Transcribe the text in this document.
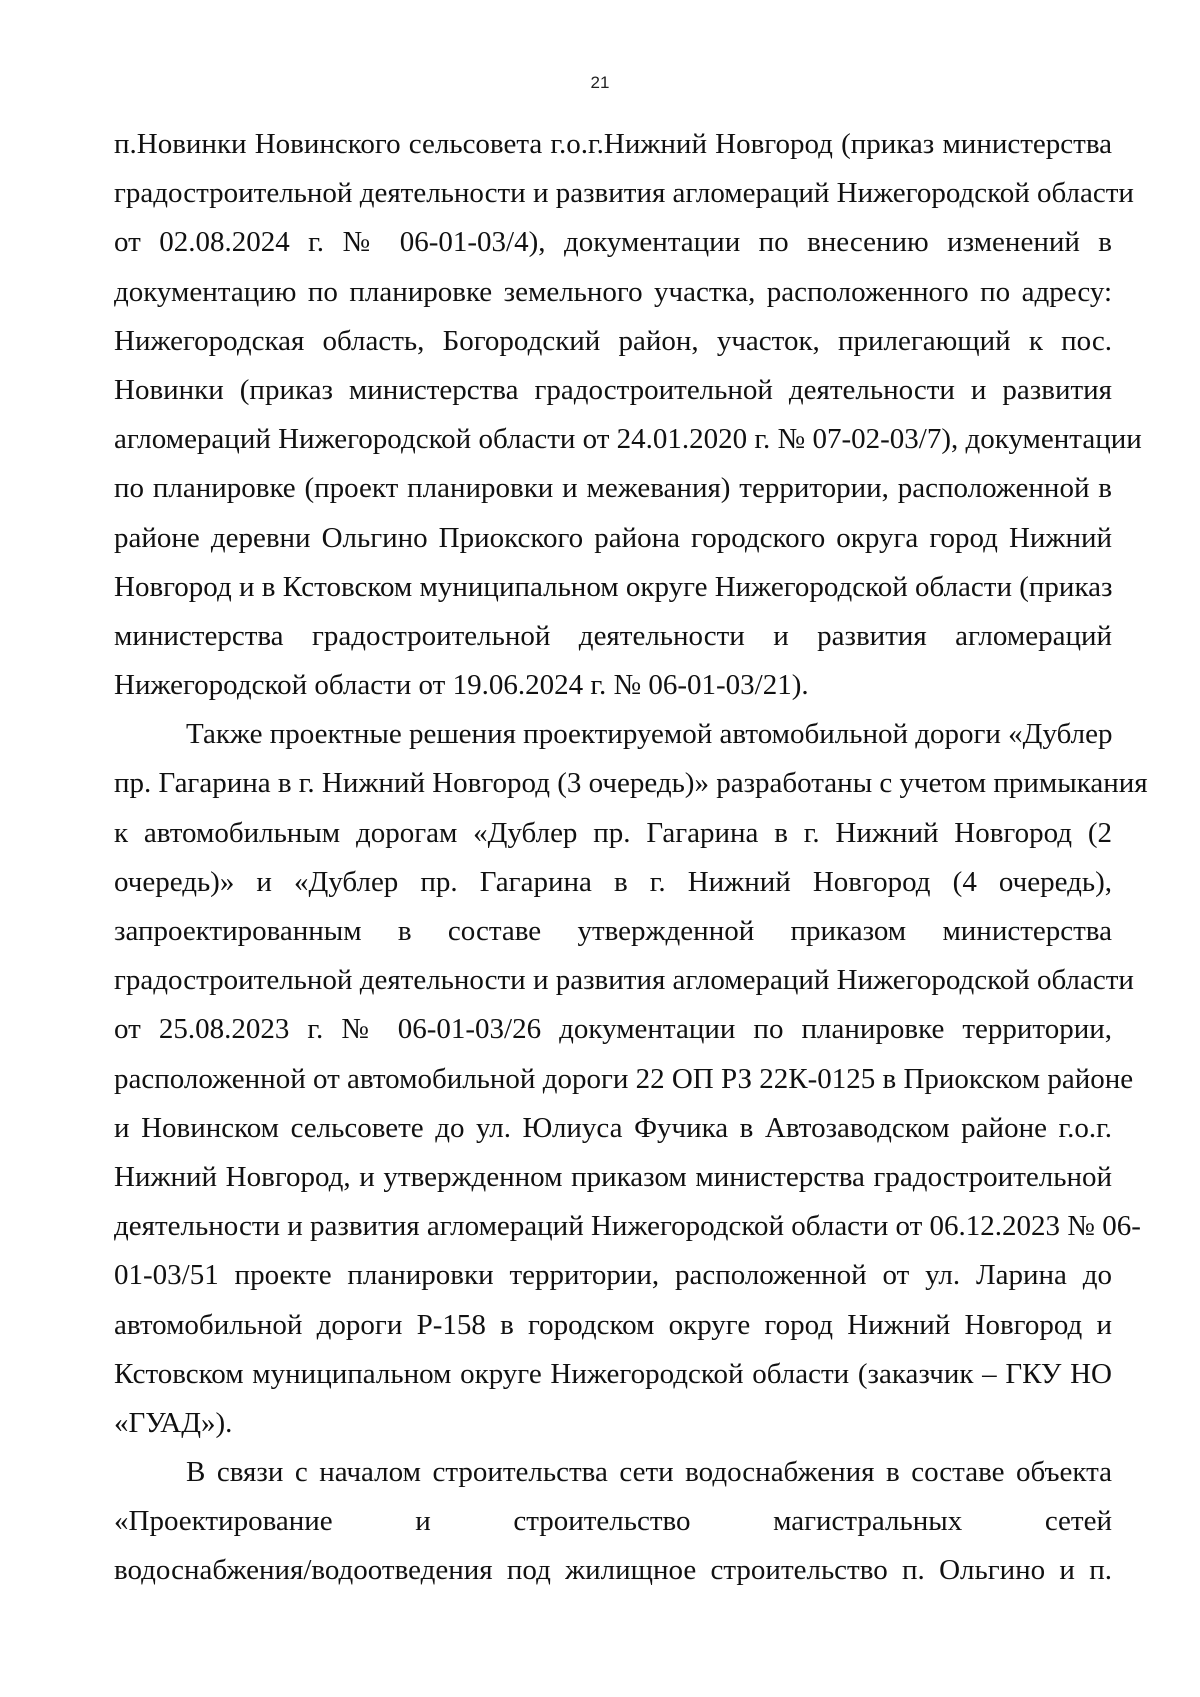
21
п.Новинки Новинского сельсовета г.о.г.Нижний Новгород (приказ министерства
градостроительной деятельности и развития агломераций Нижегородской области
от 02.08.2024 г. № 06-01-03/4), документации по внесению изменений в
документацию по планировке земельного участка, расположенного по адресу:
Нижегородская область, Богородский район, участок, прилегающий к пос.
Новинки (приказ министерства градостроительной деятельности и развития
агломераций Нижегородской области от 24.01.2020 г. № 07-02-03/7), документации
по планировке (проект планировки и межевания) территории, расположенной в
районе деревни Ольгино Приокского района городского округа город Нижний
Новгород и в Кстовском муниципальном округе Нижегородской области (приказ
министерства градостроительной деятельности и развития агломераций
Нижегородской области от 19.06.2024 г. № 06-01-03/21).
Также проектные решения проектируемой автомобильной дороги «Дублер
пр. Гагарина в г. Нижний Новгород (3 очередь)» разработаны с учетом примыкания
к автомобильным дорогам «Дублер пр. Гагарина в г. Нижний Новгород (2
очередь)» и «Дублер пр. Гагарина в г. Нижний Новгород (4 очередь),
запроектированным в составе утвержденной приказом министерства
градостроительной деятельности и развития агломераций Нижегородской области
от 25.08.2023 г. № 06-01-03/26 документации по планировке территории,
расположенной от автомобильной дороги 22 ОП РЗ 22К-0125 в Приокском районе
и Новинском сельсовете до ул. Юлиуса Фучика в Автозаводском районе г.о.г.
Нижний Новгород, и утвержденном приказом министерства градостроительной
деятельности и развития агломераций Нижегородской области от 06.12.2023 № 06-
01-03/51 проекте планировки территории, расположенной от ул. Ларина до
автомобильной дороги Р-158 в городском округе город Нижний Новгород и
Кстовском муниципальном округе Нижегородской области (заказчик – ГКУ НО
«ГУАД»).
В связи с началом строительства сети водоснабжения в составе объекта
«Проектирование и строительство магистральных сетей
водоснабжения/водоотведения под жилищное строительство п. Ольгино и п.
